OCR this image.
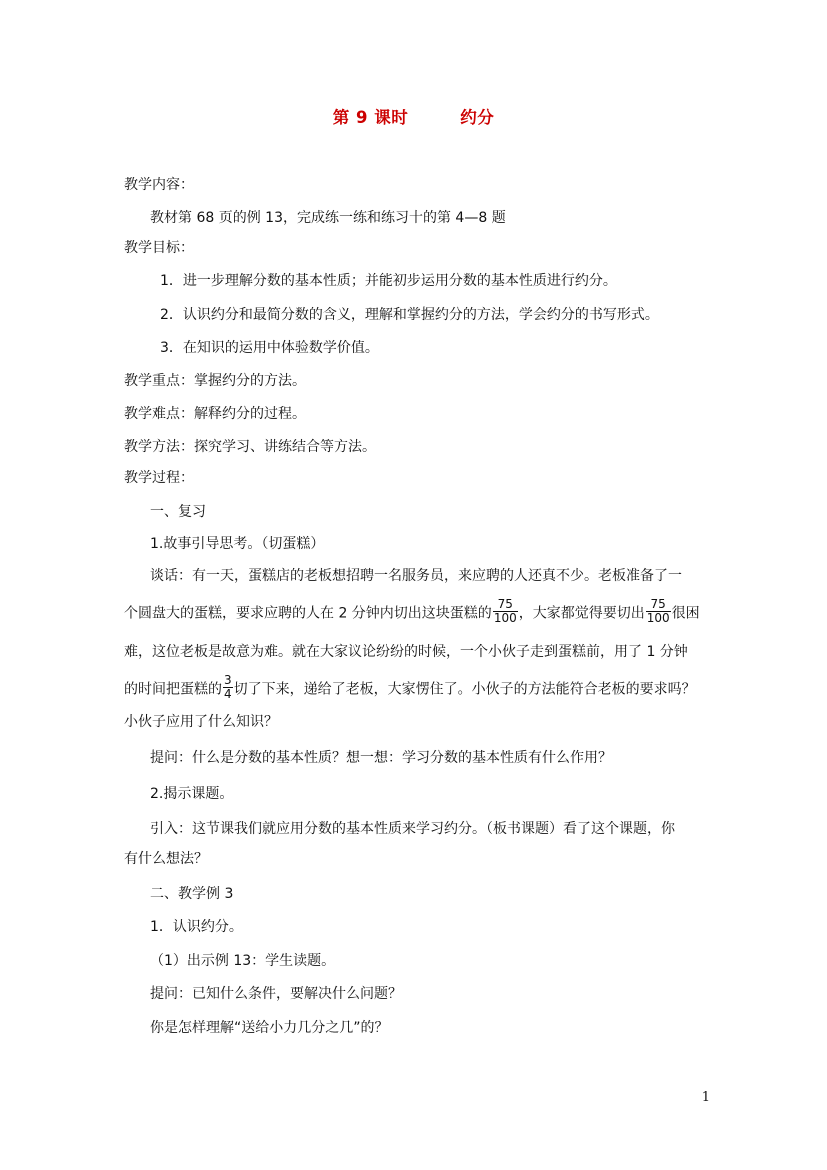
第 9 课时	约分
教学内容：
教材第 68 页的例 13，完成练一练和练习十的第 4—8 题
教学目标：
1．进一步理解分数的基本性质；并能初步运用分数的基本性质进行约分。
2．认识约分和最简分数的含义，理解和掌握约分的方法，学会约分的书写形式。
3．在知识的运用中体验数学价值。
教学重点：掌握约分的方法。
教学难点：解释约分的过程。
教学方法：探究学习、讲练结合等方法。
教学过程：
一、复习
1.故事引导思考。（切蛋糕）
谈话：有一天，蛋糕店的老板想招聘一名服务员，来应聘的人还真不少。老板准备了一
个圆盘大的蛋糕，要求应聘的人在 2 分钟内切出这块蛋糕的 $\frac{75}{100}$ ，大家都觉得要切出 $\frac{75}{100}$ 很困
难，这位老板是故意为难。就在大家议论纷纷的时候，一个小伙子走到蛋糕前，用了 1 分钟
的时间把蛋糕的 $\frac{3}{4}$ 切了下来，递给了老板，大家愣住了。小伙子的方法能符合老板的要求吗？
小伙子应用了什么知识？
提问：什么是分数的基本性质？想一想：学习分数的基本性质有什么作用？
2.揭示课题。
引入：这节课我们就应用分数的基本性质来学习约分。（板书课题）看了这个课题，你
有什么想法？
二、教学例 3
1．认识约分。
（1）出示例 13：学生读题。
提问：已知什么条件，要解决什么问题？
你是怎样理解“送给小力几分之几”的？
1
